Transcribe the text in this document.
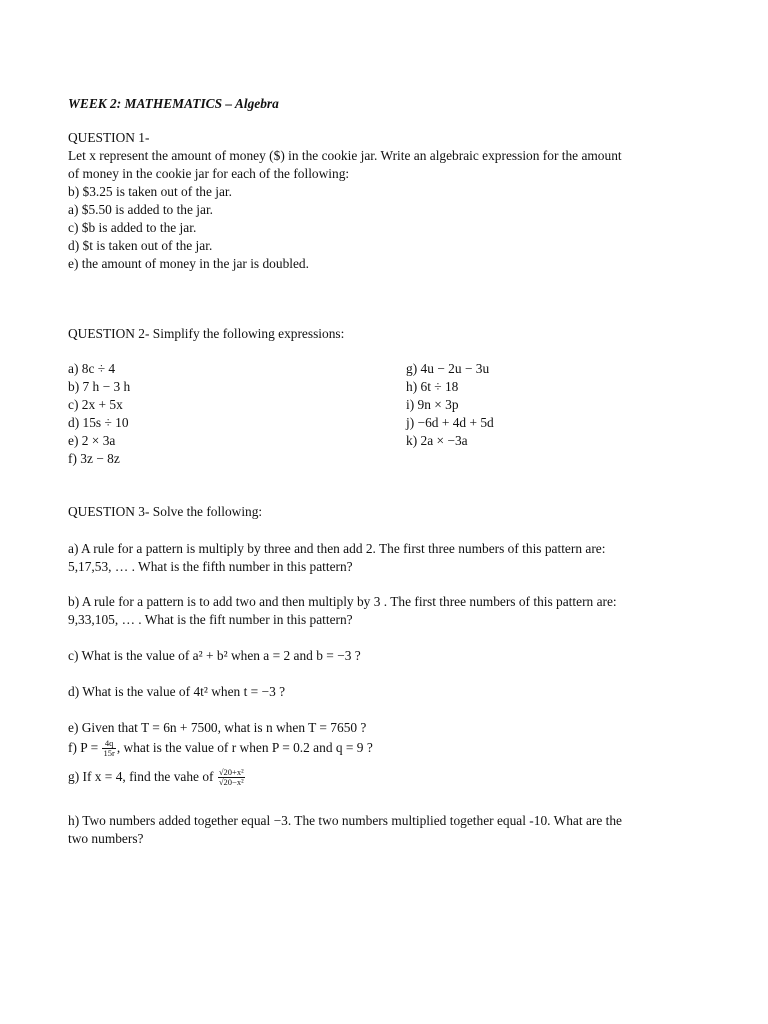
WEEK 2: MATHEMATICS – Algebra
QUESTION 1-
Let x represent the amount of money ($) in the cookie jar. Write an algebraic expression for the amount
of money in the cookie jar for each of the following:
b) $3.25 is taken out of the jar.
a) $5.50 is added to the jar.
c) $b is added to the jar.
d) $t is taken out of the jar.
e) the amount of money in the jar is doubled.
QUESTION 2- Simplify the following expressions:
a) 8c ÷ 4
b) 7 h − 3 h
c) 2x + 5x
d) 15s ÷ 10
e) 2 × 3a
f) 3z − 8z
g) 4u − 2u − 3u
h) 6t ÷ 18
i) 9n × 3p
j) −6d + 4d + 5d
k) 2a × −3a
QUESTION 3- Solve the following:
a) A rule for a pattern is multiply by three and then add 2. The first three numbers of this pattern are:
5,17,53, … . What is the fifth number in this pattern?
b) A rule for a pattern is to add two and then multiply by 3 . The first three numbers of this pattern are:
9,33,105, … . What is the fift number in this pattern?
c) What is the value of a² + b² when a = 2 and b = −3 ?
d) What is the value of 4t² when t = −3 ?
e) Given that T = 6n + 7500, what is n when T = 7650 ?
f) $P = \frac{4q}{15r}$ , what is the value of r when P = 0.2 and q = 9 ?
g) If x = 4, find the vahe of $\frac{\text{√20+x²}}{\text{√20−x²}}$
h) Two numbers added together equal −3. The two numbers multiplied together equal -10. What are the
two numbers?
